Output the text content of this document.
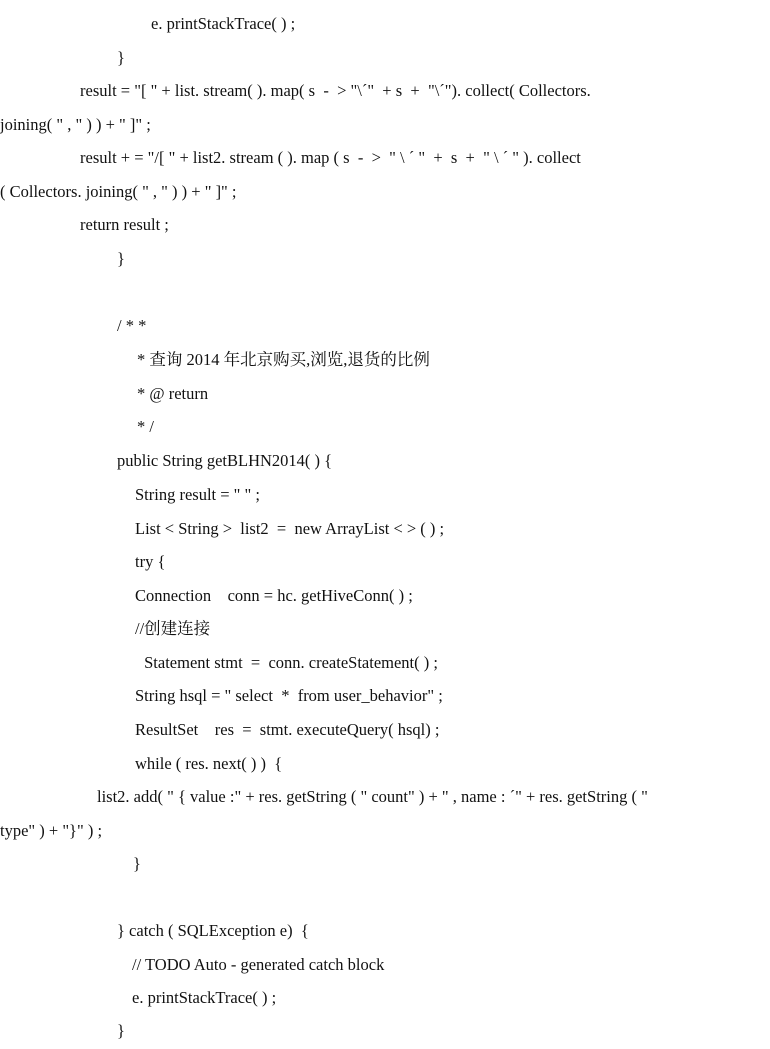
e. printStackTrace( ) ;
}
result = "[ " + list. stream( ). map( s  -  > "\´"  + s  +  "\´"). collect( Collectors.
joining( " , " ) ) + " ]" ;
result + = "/[ " + list2. stream ( ). map ( s  -  >  " \ ´ "  +  s  +  " \ ´ " ). collect
( Collectors. joining( " , " ) ) + " ]" ;
return result ;
}
/ * *
* 查询 2014 年北京购买,浏览,退货的比例
* @ return
* /
public String getBLHN2014( ) {
String result = " " ;
List < String >  list2  =  new ArrayList < > ( ) ;
try {
Connection    conn = hc. getHiveConn( ) ;
//创建连接
Statement stmt  =  conn. createStatement( ) ;
String hsql = " select  *  from user_behavior" ;
ResultSet    res  =  stmt. executeQuery( hsql) ;
while ( res. next( ) )  {
list2. add( " { value :" + res. getString ( " count" ) + " , name : ´" + res. getString ( "
type" ) + "}" ) ;
}
} catch ( SQLException e)  {
// TODO Auto - generated catch block
e. printStackTrace( ) ;
}
